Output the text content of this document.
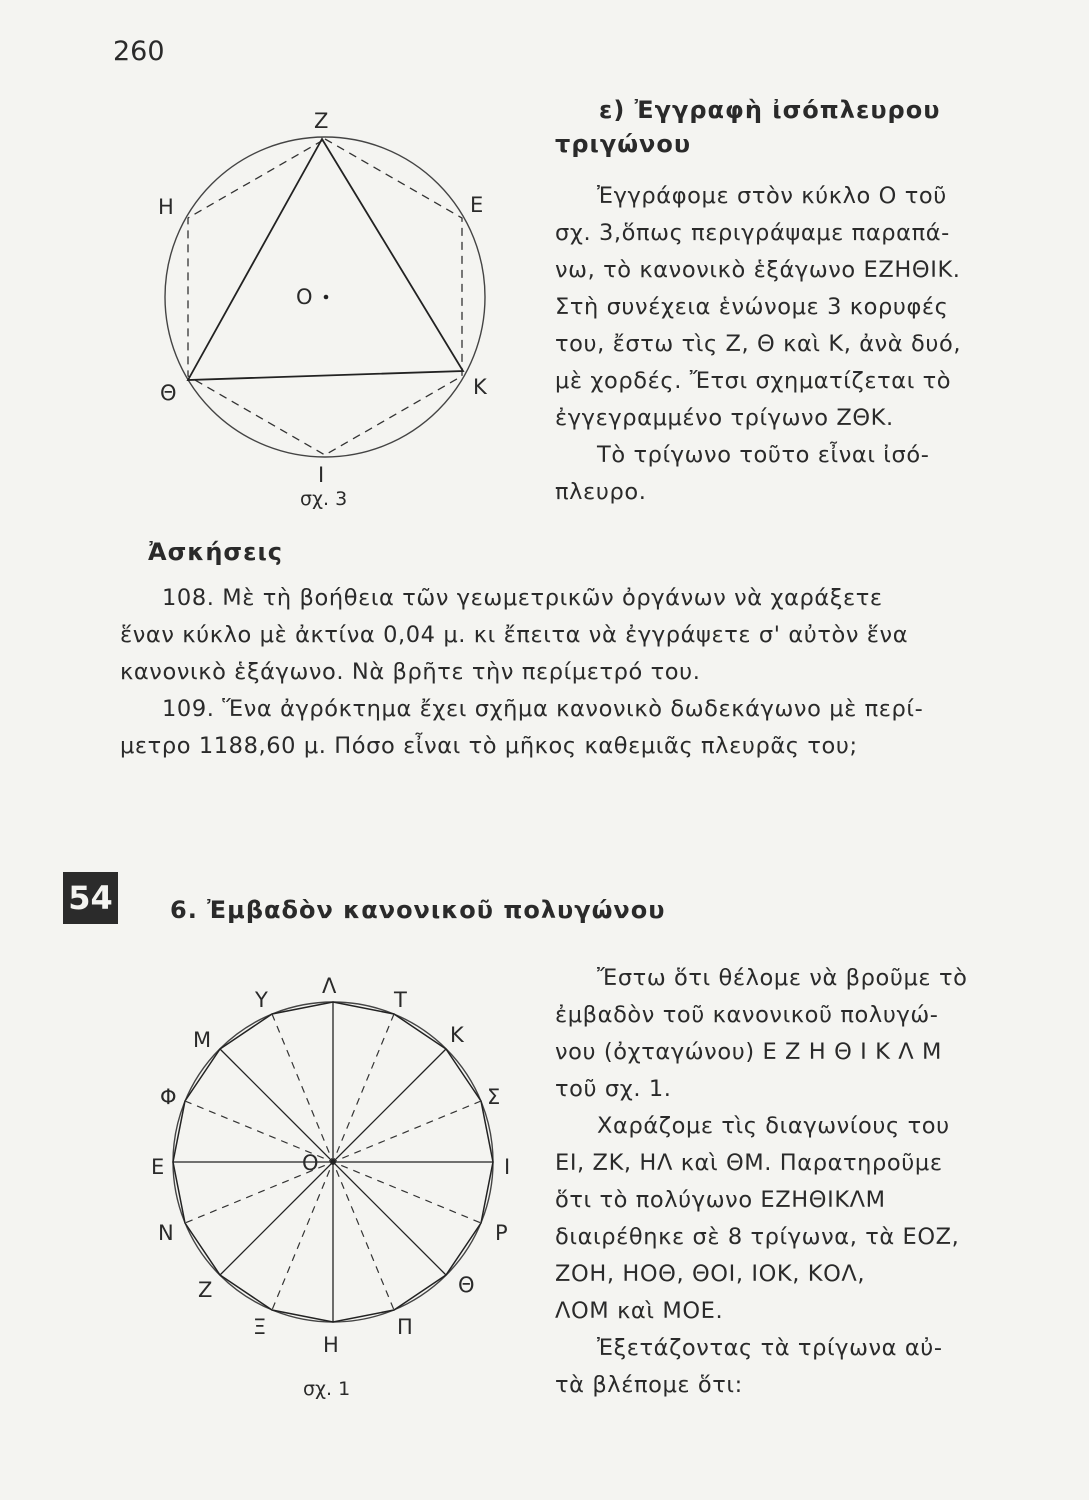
260
Z
E
H
O
Θ	K
I
σχ. 3
ε) Ἐγγραφὴ ἰσόπλευρου
τριγώνου
Ἐγγράφομε στὸν κύκλο Ο τοῦ
σχ. 3,ὅπως περιγράψαμε παραπά-
νω, τὸ κανονικὸ ἑξάγωνο ΕΖΗΘΙΚ.
Στὴ συνέχεια ἑνώνομε 3 κορυφές
του, ἔστω τὶς Ζ, Θ καὶ Κ, ἀνὰ δυό,
μὲ χορδές. Ἔτσι σχηματίζεται τὸ
ἐγγεγραμμένο τρίγωνο ΖΘΚ.
Τὸ τρίγωνο τοῦτο εἶναι ἰσό-
πλευρο.
Ἀσκήσεις
108. Μὲ τὴ βοήθεια τῶν γεωμετρικῶν ὀργάνων νὰ χαράξετε
ἕναν κύκλο μὲ ἀκτίνα 0,04 μ. κι ἔπειτα νὰ ἐγγράψετε σ' αὐτὸν ἕνα
κανονικὸ ἑξάγωνο. Νὰ βρῆτε τὴν περίμετρό του.
109. Ἕνα ἀγρόκτημα ἔχει σχῆμα κανονικὸ δωδεκάγωνο μὲ περί-
μετρο 1188,60 μ. Πόσο εἶναι τὸ μῆκος καθεμιᾶς πλευρᾶς του;
54 6. Ἐμβαδὸν κανονικοῦ πολυγώνου
Λ
Y	T
M	K
Φ	Σ
E	O	I
N	P
Z	Θ
Ξ
H
Π
σχ. 1
Ἔστω ὅτι θέλομε νὰ βροῦμε τὸ
ἐμβαδὸν τοῦ κανονικοῦ πολυγώ-
νου (ὀχταγώνου) Ε Ζ Η Θ Ι Κ Λ Μ
τοῦ σχ. 1.
Χαράζομε τὶς διαγωνίους του
ΕΙ, ΖΚ, ΗΛ καὶ ΘΜ. Παρατηροῦμε
ὅτι τὸ πολύγωνο ΕΖΗΘΙΚΛΜ
διαιρέθηκε σὲ 8 τρίγωνα, τὰ ΕΟΖ,
ΖΟΗ, ΗΟΘ, ΘΟΙ, ΙΟΚ, ΚΟΛ,
ΛΟΜ καὶ ΜΟΕ.
Ἐξετάζοντας τὰ τρίγωνα αὐ-
τὰ βλέπομε ὅτι:
